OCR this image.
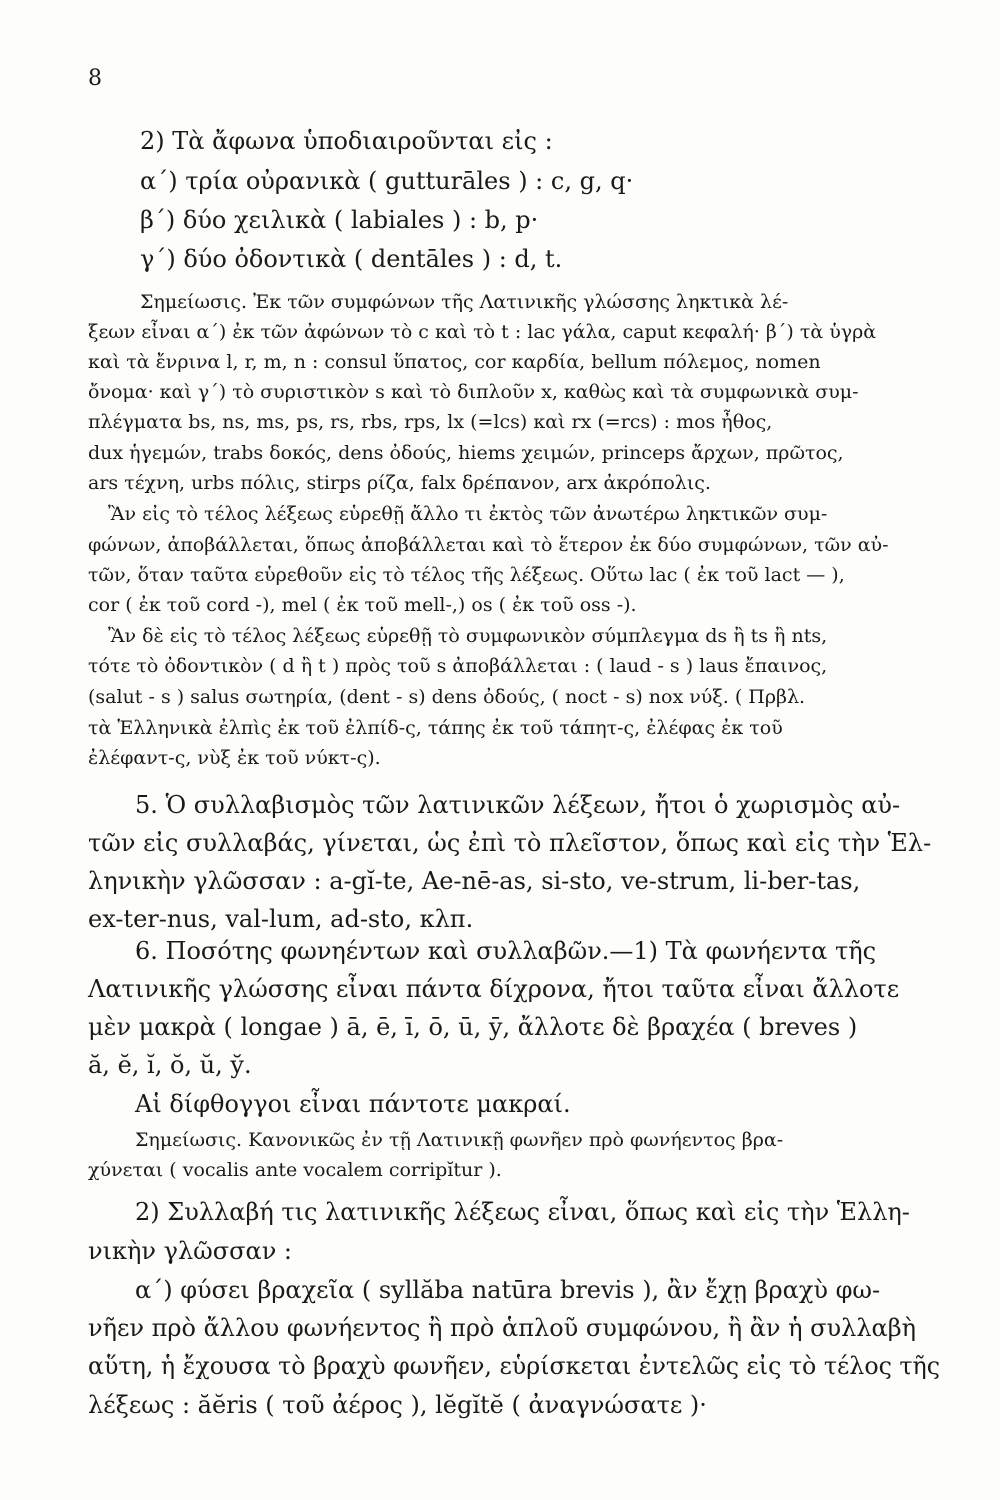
8
2) Τὰ ἄφωνα ὑποδιαιροῦνται εἰς :
α΄) τρία οὐρανικὰ ( gutturāles ) : c, g, q·
β΄) δύο χειλικὰ ( labiales ) : b, p·
γ΄) δύο ὀδοντικὰ ( dentāles ) : d, t.
Σημείωσις. Ἐκ τῶν συμφώνων τῆς Λατινικῆς γλώσσης ληκτικὰ λέ-
ξεων εἶναι α΄) ἐκ τῶν ἀφώνων τὸ c καὶ τὸ t : lac γάλα, caput κεφαλή· β΄) τὰ ὑγρὰ
καὶ τὰ ἔνρινα l, r, m, n : consul ὕπατος, cor καρδία, bellum πόλεμος, nomen
ὄνομα· καὶ γ΄) τὸ συριστικὸν s καὶ τὸ διπλοῦν x, καθὼς καὶ τὰ συμφωνικὰ συμ-
πλέγματα bs, ns, ms, ps, rs, rbs, rps, lx (=lcs) καὶ rx (=rcs) : mos ἦθος,
dux ἡγεμών, trabs δοκός, dens ὀδούς, hiems χειμών, princeps ἄρχων, πρῶτος,
ars τέχνη, urbs πόλις, stirps ρίζα, falx δρέπανον, arx ἀκρόπολις.
Ἂν εἰς τὸ τέλος λέξεως εὑρεθῇ ἄλλο τι ἐκτὸς τῶν ἀνωτέρω ληκτικῶν συμ-
φώνων, ἀποβάλλεται, ὅπως ἀποβάλλεται καὶ τὸ ἕτερον ἐκ δύο συμφώνων, τῶν αὐ-
τῶν, ὅταν ταῦτα εὑρεθοῦν εἰς τὸ τέλος τῆς λέξεως. Οὕτω lac ( ἐκ τοῦ lact — ),
cor ( ἐκ τοῦ cord -), mel ( ἐκ τοῦ mell-,) os ( ἐκ τοῦ oss -).
Ἂν δὲ εἰς τὸ τέλος λέξεως εὑρεθῇ τὸ συμφωνικὸν σύμπλεγμα ds ἢ ts ἢ nts,
τότε τὸ ὀδοντικὸν ( d ἢ t ) πρὸς τοῦ s ἀποβάλλεται : ( laud - s ) laus ἔπαινος,
(salut - s ) salus σωτηρία, (dent - s) dens ὀδούς, ( noct - s) nox νύξ. ( Πρβλ.
τὰ Ἑλληνικὰ ἐλπὶς ἐκ τοῦ ἐλπίδ-ς, τάπης ἐκ τοῦ τάπητ-ς, ἐλέφας ἐκ τοῦ
ἐλέφαντ-ς, νὺξ ἐκ τοῦ νύκτ-ς).
5. Ὁ συλλαβισμὸς τῶν λατινικῶν λέξεων, ἤτοι ὁ χωρισμὸς αὐ-
τῶν εἰς συλλαβάς, γίνεται, ὡς ἐπὶ τὸ πλεῖστον, ὅπως καὶ εἰς τὴν Ἑλ-
ληνικὴν γλῶσσαν : a-gĭ-te, Ae-nē-as, si-sto, ve-strum, li-ber-tas,
ex-ter-nus, val-lum, ad-sto, κλπ.
6. Ποσότης φωνηέντων καὶ συλλαβῶν.—1) Τὰ φωνήεντα τῆς
Λατινικῆς γλώσσης εἶναι πάντα δίχρονα, ἤτοι ταῦτα εἶναι ἄλλοτε
μὲν μακρὰ ( longae ) ā, ē, ī, ō, ū, ȳ, ἄλλοτε δὲ βραχέα ( breves )
ă, ĕ, ĭ, ŏ, ŭ, y̆.
Αἱ δίφθογγοι εἶναι πάντοτε μακραί.
Σημείωσις. Κανονικῶς ἐν τῇ Λατινικῇ φωνῆεν πρὸ φωνήεντος βρα-
χύνεται ( vocalis ante vocalem corripĭtur ).
2) Συλλαβή τις λατινικῆς λέξεως εἶναι, ὅπως καὶ εἰς τὴν Ἑλλη-
νικὴν γλῶσσαν :
α΄) φύσει βραχεῖα ( syllăba natūra brevis ), ἂν ἔχῃ βραχὺ φω-
νῆεν πρὸ ἄλλου φωνήεντος ἢ πρὸ ἁπλοῦ συμφώνου, ἢ ἂν ἡ συλλαβὴ
αὕτη, ἡ ἔχουσα τὸ βραχὺ φωνῆεν, εὑρίσκεται ἐντελῶς εἰς τὸ τέλος τῆς
λέξεως : ăĕris ( τοῦ ἀέρος ), lĕgĭtĕ ( ἀναγνώσατε )·
